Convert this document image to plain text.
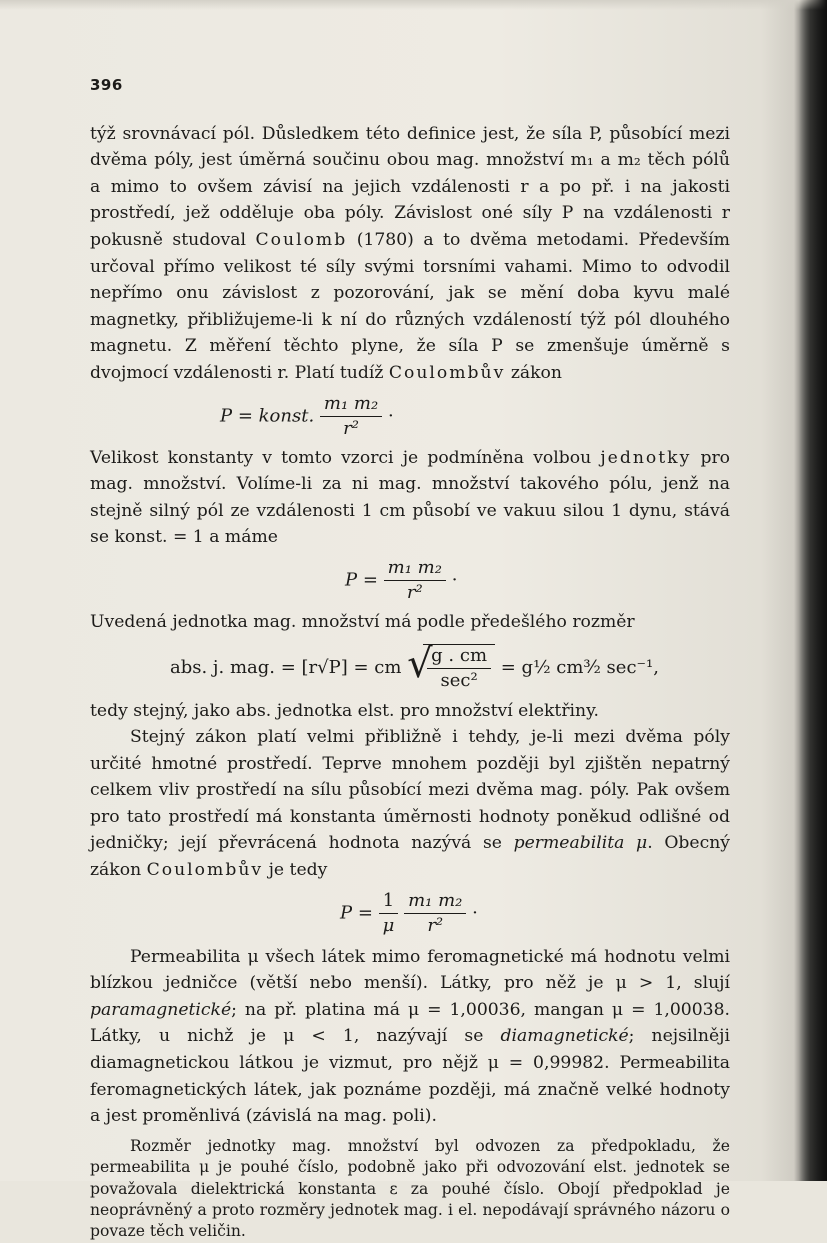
396

týž srovnávací pól. Důsledkem této definice jest, že síla P, působící mezi dvěma póly, jest úměrná součinu obou mag. množství m₁ a m₂ těch pólů a mimo to ovšem závisí na jejich vzdálenosti r a po př. i na jakosti prostředí, jež odděluje oba póly. Závislost oné síly P na vzdálenosti r pokusně studoval Coulomb (1780) a to dvěma metodami. Především určoval přímo velikost té síly svými torsními vahami. Mimo to odvodil nepřímo onu závislost z pozorování, jak se mění doba kyvu malé magnetky, přibližujeme-li k ní do různých vzdáleností týž pól dlouhého magnetu. Z měření těchto plyne, že síla P se zmenšuje úměrně s dvojmocí vzdálenosti r. Platí tudíž Coulombův zákon

P = konst. $\frac{\text{m₁ m₂}}{\text{r²}}$ ·

Velikost konstanty v tomto vzorci je podmíněna volbou jednotky pro mag. množství. Volíme-li za ni mag. množství takového pólu, jenž na stejně silný pól ze vzdálenosti 1 cm působí ve vakuu silou 1 dynu, stává se konst. = 1 a máme

$P = \frac{\text{m₁ m₂}}{\text{r²}}$ ·

Uvedená jednotka mag. množství má podle předešlého rozměr

abs. j. mag. = [r√P] = cm √
$\frac{g . cm}{\text{sec²}}$ = g½ cm³⁄₂ sec⁻¹,

tedy stejný, jako abs. jednotka elst. pro množství elektřiny.

Stejný zákon platí velmi přibližně i tehdy, je-li mezi dvěma póly určité hmotné prostředí. Teprve mnohem později byl zjištěn nepatrný celkem vliv prostředí na sílu působící mezi dvěma mag. póly. Pak ovšem pro tato prostředí má konstanta úměrnosti hodnoty poněkud odlišné od jedničky; její převrácená hodnota nazývá se permeabilita μ. Obecný zákon Coulombův je tedy

$P = \frac{1}{\mu}$
$\frac{\text{m₁ m₂}}{\text{r²}}$ ·

Permeabilita μ všech látek mimo feromagnetické má hodnotu velmi blízkou jedničce (větší nebo menší). Látky, pro něž je μ > 1, slují paramagnetické; na př. platina má μ = 1,00036, mangan μ = 1,00038. Látky, u nichž je μ < 1, nazývají se diamagnetické; nejsilněji diamagnetickou látkou je vizmut, pro nějž μ = 0,99982. Permeabilita feromagnetických látek, jak poznáme později, má značně velké hodnoty a jest proměnlivá (závislá na mag. poli).

Rozměr jednotky mag. množství byl odvozen za předpokladu, že permeabilita μ je pouhé číslo, podobně jako při odvozování elst. jednotek se považovala dielektrická konstanta ε za pouhé číslo. Obojí předpoklad je neoprávněný a proto rozměry jednotek mag. i el. nepodávají správného názoru o povaze těch veličin.
